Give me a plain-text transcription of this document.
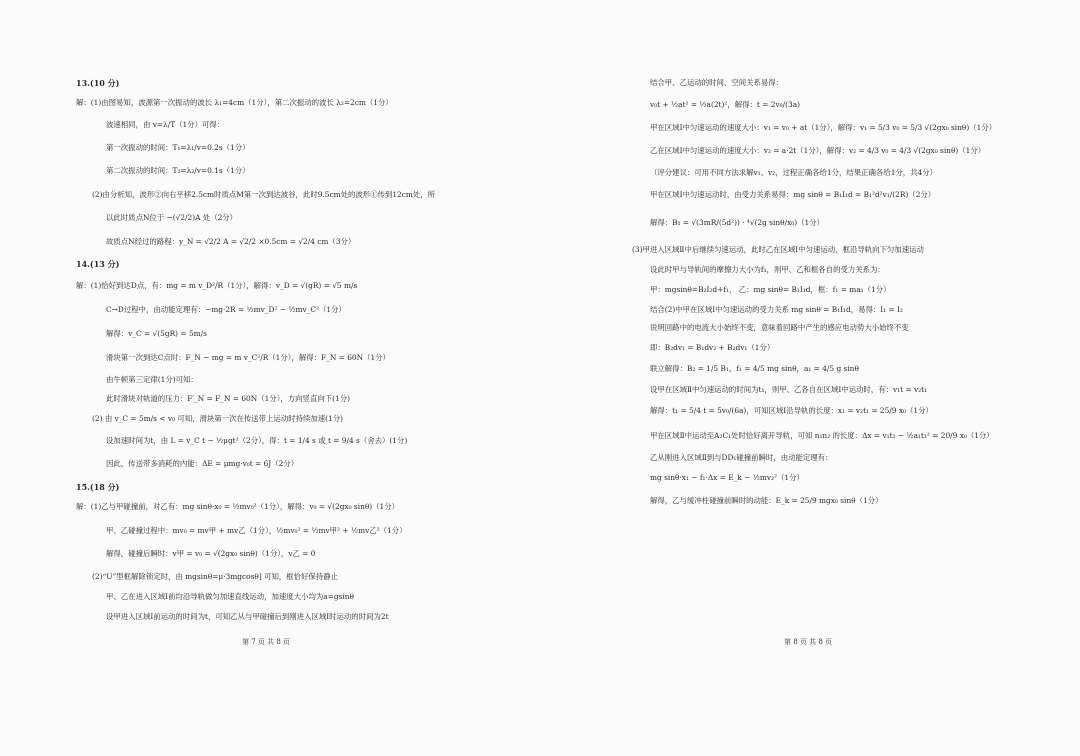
13.(10 分)
解：(1)由图易知，波源第一次振动的波长 λ₁=4cm（1分），第二次振动的波长 λ₂=2cm（1分）
波速相同，由 v=λ/T（1分）可得：
第一次振动的时间：T₁=λ₁/v=0.2s（1分）
第二次振动的时间：T₂=λ₂/v=0.1s（1分）
(2)由分析知，波形②向右平移2.5cm时质点M第一次到达波谷，此时9.5cm处的波形①传到12cm处，所
以此时质点N位于 −(√2/2)A 处（2分）
故质点N经过的路程：y_N = √2/2 A = √2/2 ×0.5cm = √2/4 cm（3分）
14.(13 分)
解：(1)恰好到达D点，有：mg = m v_D²/R（1分），解得：v_D = √(gR) = √5 m/s
C→D过程中，由动能定理有：−mg·2R = ½mv_D² − ½mv_C²（1分）
解得：v_C = √(5gR) = 5m/s
滑块第一次到达C点时：F_N − mg = m v_C²/R（1分），解得：F_N = 60N（1分）
由牛顿第三定律(1分)可知：
此时滑块对轨道的压力：F′_N = F_N = 60N（1分），方向竖直向下(1分)
(2) 由 v_C = 5m/s < v₀ 可知，滑块第一次在传送带上运动时持续加速(1分)
设加速时间为t，由 L = v_C t − ½μgt²（2分），得：t = 1/4 s 或 t = 9/4 s（舍去）(1分)
因此，传送带多消耗的内能：ΔE = μmg·v₀t = 6J（2分）
15.(18 分)
解：(1)乙与甲碰撞前，对乙有：mg sinθ·x₀ = ½mv₀²（1分），解得：v₀ = √(2gx₀ sinθ)（1分）
甲、乙碰撞过程中：mv₀ = mv甲 + mv乙（1分），½mv₀² = ½mv甲² + ½mv乙²（1分）
解得，碰撞后瞬时：v甲 = v₀ = √(2gx₀ sinθ)（1分），v乙 = 0
(2)“U”型框解除锁定时，由 mgsinθ=μ·3mgcosθ] 可知，框恰好保持静止
甲、乙在进入区域Ⅰ前均沿导轨做匀加速直线运动，加速度大小均为a=gsinθ
设甲进入区域Ⅰ前运动的时间为t，可知乙从与甲碰撞后到刚进入区域Ⅰ时运动的时间为2t
第 7 页 共 8 页
结合甲、乙运动的时间、空间关系易得：
v₀t + ½at² = ½a(2t)²，解得：t = 2v₀/(3a)
甲在区域Ⅰ中匀速运动的速度大小：v₁ = v₀ + at（1分），解得：v₁ = 5/3 v₀ = 5/3 √(2gx₀ sinθ)（1分）
乙在区域Ⅰ中匀速运动的速度大小：v₂ = a·2t（1分），解得：v₂ = 4/3 v₀ = 4/3 √(2gx₀ sinθ)（1分）
（评分建议：可用不同方法求解v₁、v₂，过程正确各给1分，结果正确各给1分，共4分）
甲在区域Ⅰ中匀速运动时，由受力关系易得：mg sinθ = B₁I₁d = B₁²d²v₁/(2R)（2分）
解得：B₁ = √(3mR/(5d²)) · ⁴√(2g sinθ/x₀)（1分）
(3)甲进入区域Ⅱ中后继续匀速运动，此时乙在区域Ⅰ中匀速运动，框沿导轨向下匀加速运动
设此时甲与导轨间的摩擦力大小为f₁，则甲、乙和框各自的受力关系为：
甲：mgsinθ=B₂I₂d+f₁， 乙：mg sinθ= B₁I₁d，框：f₁ = ma₁（1分）
结合(2)中甲在区域Ⅰ中匀速运动的受力关系 mg sinθ = B₁I₁d，易得：I₁ = I₂
说明回路中的电流大小始终不变，意味着回路中产生的感应电动势大小始终不变
即：B₂dv₁ = B₁dv₂ + B₂dv₁（1分）
联立解得：B₂ = 1/5 B₁，f₁ = 4/5 mg sinθ，a₁ = 4/5 g sinθ
设甲在区域Ⅱ中匀速运动的时间为t₁，则甲、乙各自在区域Ⅰ中运动时，有：v₁t = v₂t₁
解得：t₁ = 5/4 t = 5v₀/(6a)，可知区域Ⅰ沿导轨的长度：x₁ = v₂t₁ = 25/9 x₀（1分）
甲在区域Ⅱ中运动至A₂C₁处时恰好离开导轨，可知 n₁n₂ 的长度：Δx = v₁t₁ − ½a₁t₁² = 20/9 x₀（1分）
乙从刚进入区域Ⅱ到与DD₁碰撞前瞬时，由动能定理有：
mg sinθ·x₁ − f₁·Δx = E_k − ½mv₂²（1分）
解得，乙与缓冲柱碰撞前瞬时的动能：E_k = 25/9 mgx₀ sinθ（1分）
第 8 页 共 8 页
